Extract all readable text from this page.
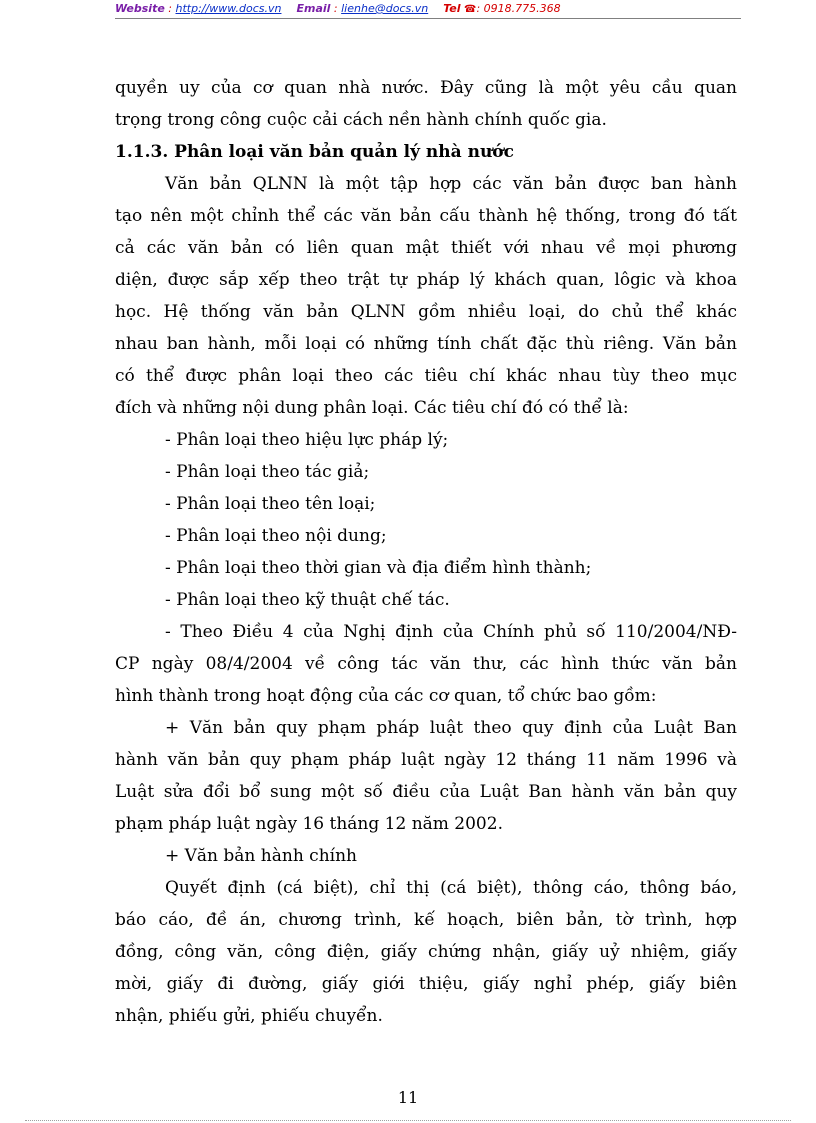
Website : http://www.docs.vn Email : lienhe@docs.vn Tel ☎: 0918.775.368
quyền uy của cơ quan nhà nước. Đây cũng là một yêu cầu quan
trọng trong công cuộc cải cách nền hành chính quốc gia.
1.1.3. Phân loại văn bản quản lý nhà nước
Văn bản QLNN là một tập hợp các văn bản được ban hành
tạo nên một chỉnh thể các văn bản cấu thành hệ thống, trong đó tất
cả các văn bản có liên quan mật thiết với nhau về mọi phương
diện, được sắp xếp theo trật tự pháp lý khách quan, lôgic và khoa
học. Hệ thống văn bản QLNN gồm nhiều loại, do chủ thể khác
nhau ban hành, mỗi loại có những tính chất đặc thù riêng. Văn bản
có thể được phân loại theo các tiêu chí khác nhau tùy theo mục
đích và những nội dung phân loại. Các tiêu chí đó có thể là:
- Phân loại theo hiệu lực pháp lý;
- Phân loại theo tác giả;
- Phân loại theo tên loại;
- Phân loại theo nội dung;
- Phân loại theo thời gian và địa điểm hình thành;
- Phân loại theo kỹ thuật chế tác.
- Theo Điều 4 của Nghị định của Chính phủ số 110/2004/NĐ-
CP ngày 08/4/2004 về công tác văn thư, các hình thức văn bản
hình thành trong hoạt động của các cơ quan, tổ chức bao gồm:
+ Văn bản quy phạm pháp luật theo quy định của Luật Ban
hành văn bản quy phạm pháp luật ngày 12 tháng 11 năm 1996 và
Luật sửa đổi bổ sung một số điều của Luật Ban hành văn bản quy
phạm pháp luật ngày 16 tháng 12 năm 2002.
+ Văn bản hành chính
Quyết định (cá biệt), chỉ thị (cá biệt), thông cáo, thông báo,
báo cáo, đề án, chương trình, kế hoạch, biên bản, tờ trình, hợp
đồng, công văn, công điện, giấy chứng nhận, giấy uỷ nhiệm, giấy
mời, giấy đi đường, giấy giới thiệu, giấy nghỉ phép, giấy biên
nhận, phiếu gửi, phiếu chuyển.
11
